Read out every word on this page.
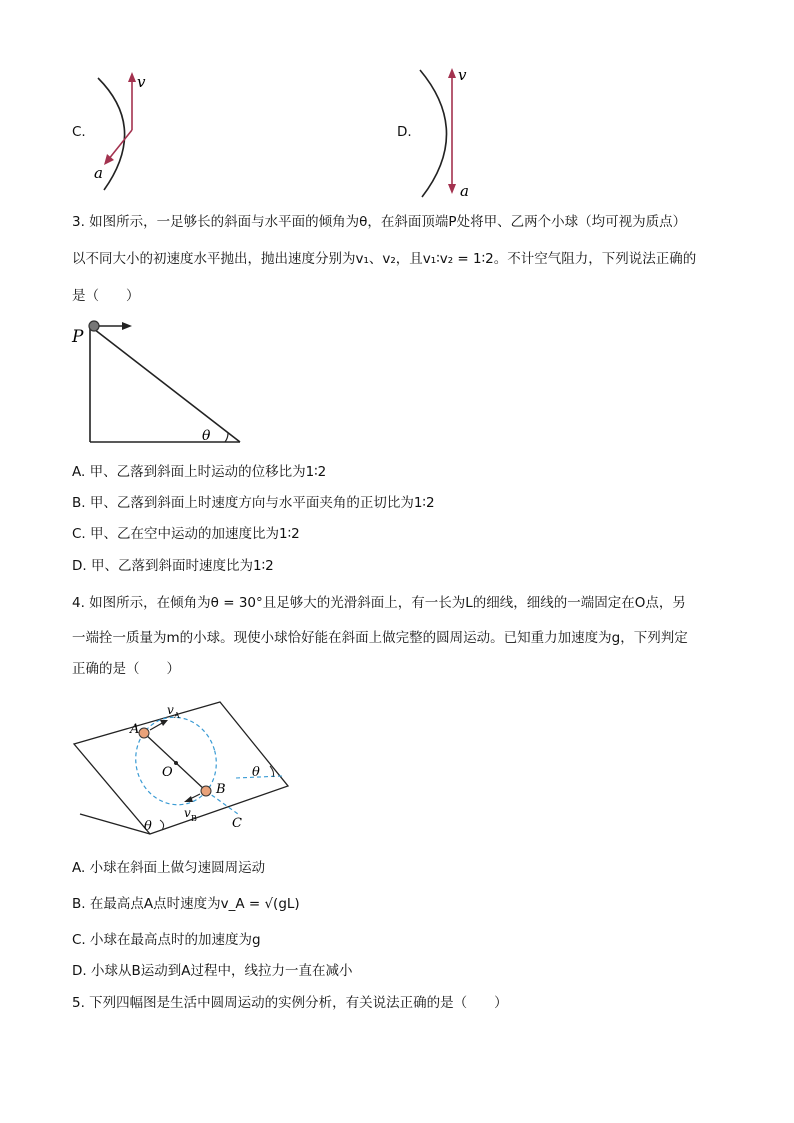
C.
v
a
D.
v
a
3. 如图所示，一足够长的斜面与水平面的倾角为θ，在斜面顶端P处将甲、乙两个小球（均可视为质点）
以不同大小的初速度水平抛出，抛出速度分别为v₁、v₂，且v₁∶v₂ = 1∶2。不计空气阻力，下列说法正确的
是（　　）
P
θ
A. 甲、乙落到斜面上时运动的位移比为1∶2
B. 甲、乙落到斜面上时速度方向与水平面夹角的正切比为1∶2
C. 甲、乙在空中运动的加速度比为1∶2
D. 甲、乙落到斜面时速度比为1∶2
4. 如图所示，在倾角为θ = 30°且足够大的光滑斜面上，有一长为L的细线，细线的一端固定在O点，另
一端拴一质量为m的小球。现使小球恰好能在斜面上做完整的圆周运动。已知重力加速度为g，下列判定
正确的是（　　）
A
B
O
C
v A
v B
θ
θ
A. 小球在斜面上做匀速圆周运动
B. 在最高点A点时速度为v_A = √(gL)
C. 小球在最高点时的加速度为g
D. 小球从B运动到A过程中，线拉力一直在减小
5. 下列四幅图是生活中圆周运动的实例分析，有关说法正确的是（　　）
